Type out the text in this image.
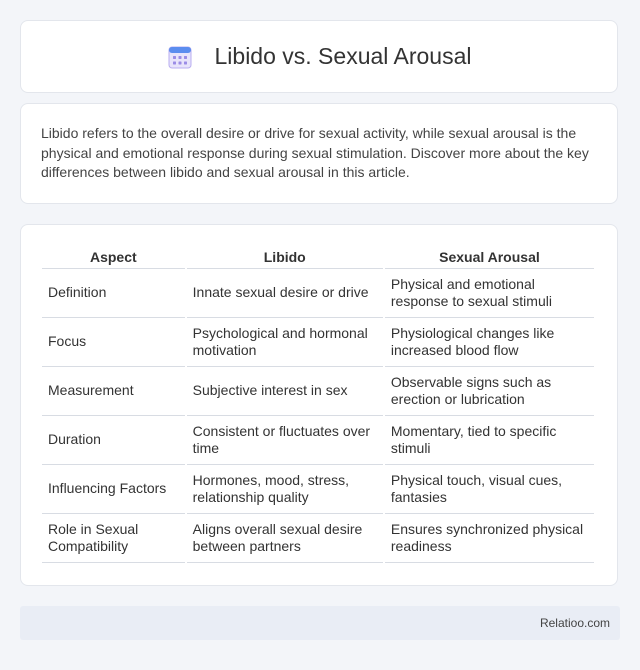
Libido vs. Sexual Arousal

Libido refers to the overall desire or drive for sexual activity, while sexual arousal is the physical and emotional response during sexual stimulation. Discover more about the key differences between libido and sexual arousal in this article.

Aspect	Libido	Sexual Arousal
Definition	Innate sexual desire or drive	Physical and emotional response to sexual stimuli
Focus	Psychological and hormonal motivation	Physiological changes like increased blood flow
Measurement	Subjective interest in sex	Observable signs such as erection or lubrication
Duration	Consistent or fluctuates over time	Momentary, tied to specific stimuli
Influencing Factors	Hormones, mood, stress, relationship quality	Physical touch, visual cues, fantasies
Role in Sexual Compatibility	Aligns overall sexual desire between partners	Ensures synchronized physical readiness
Relatioo.com
